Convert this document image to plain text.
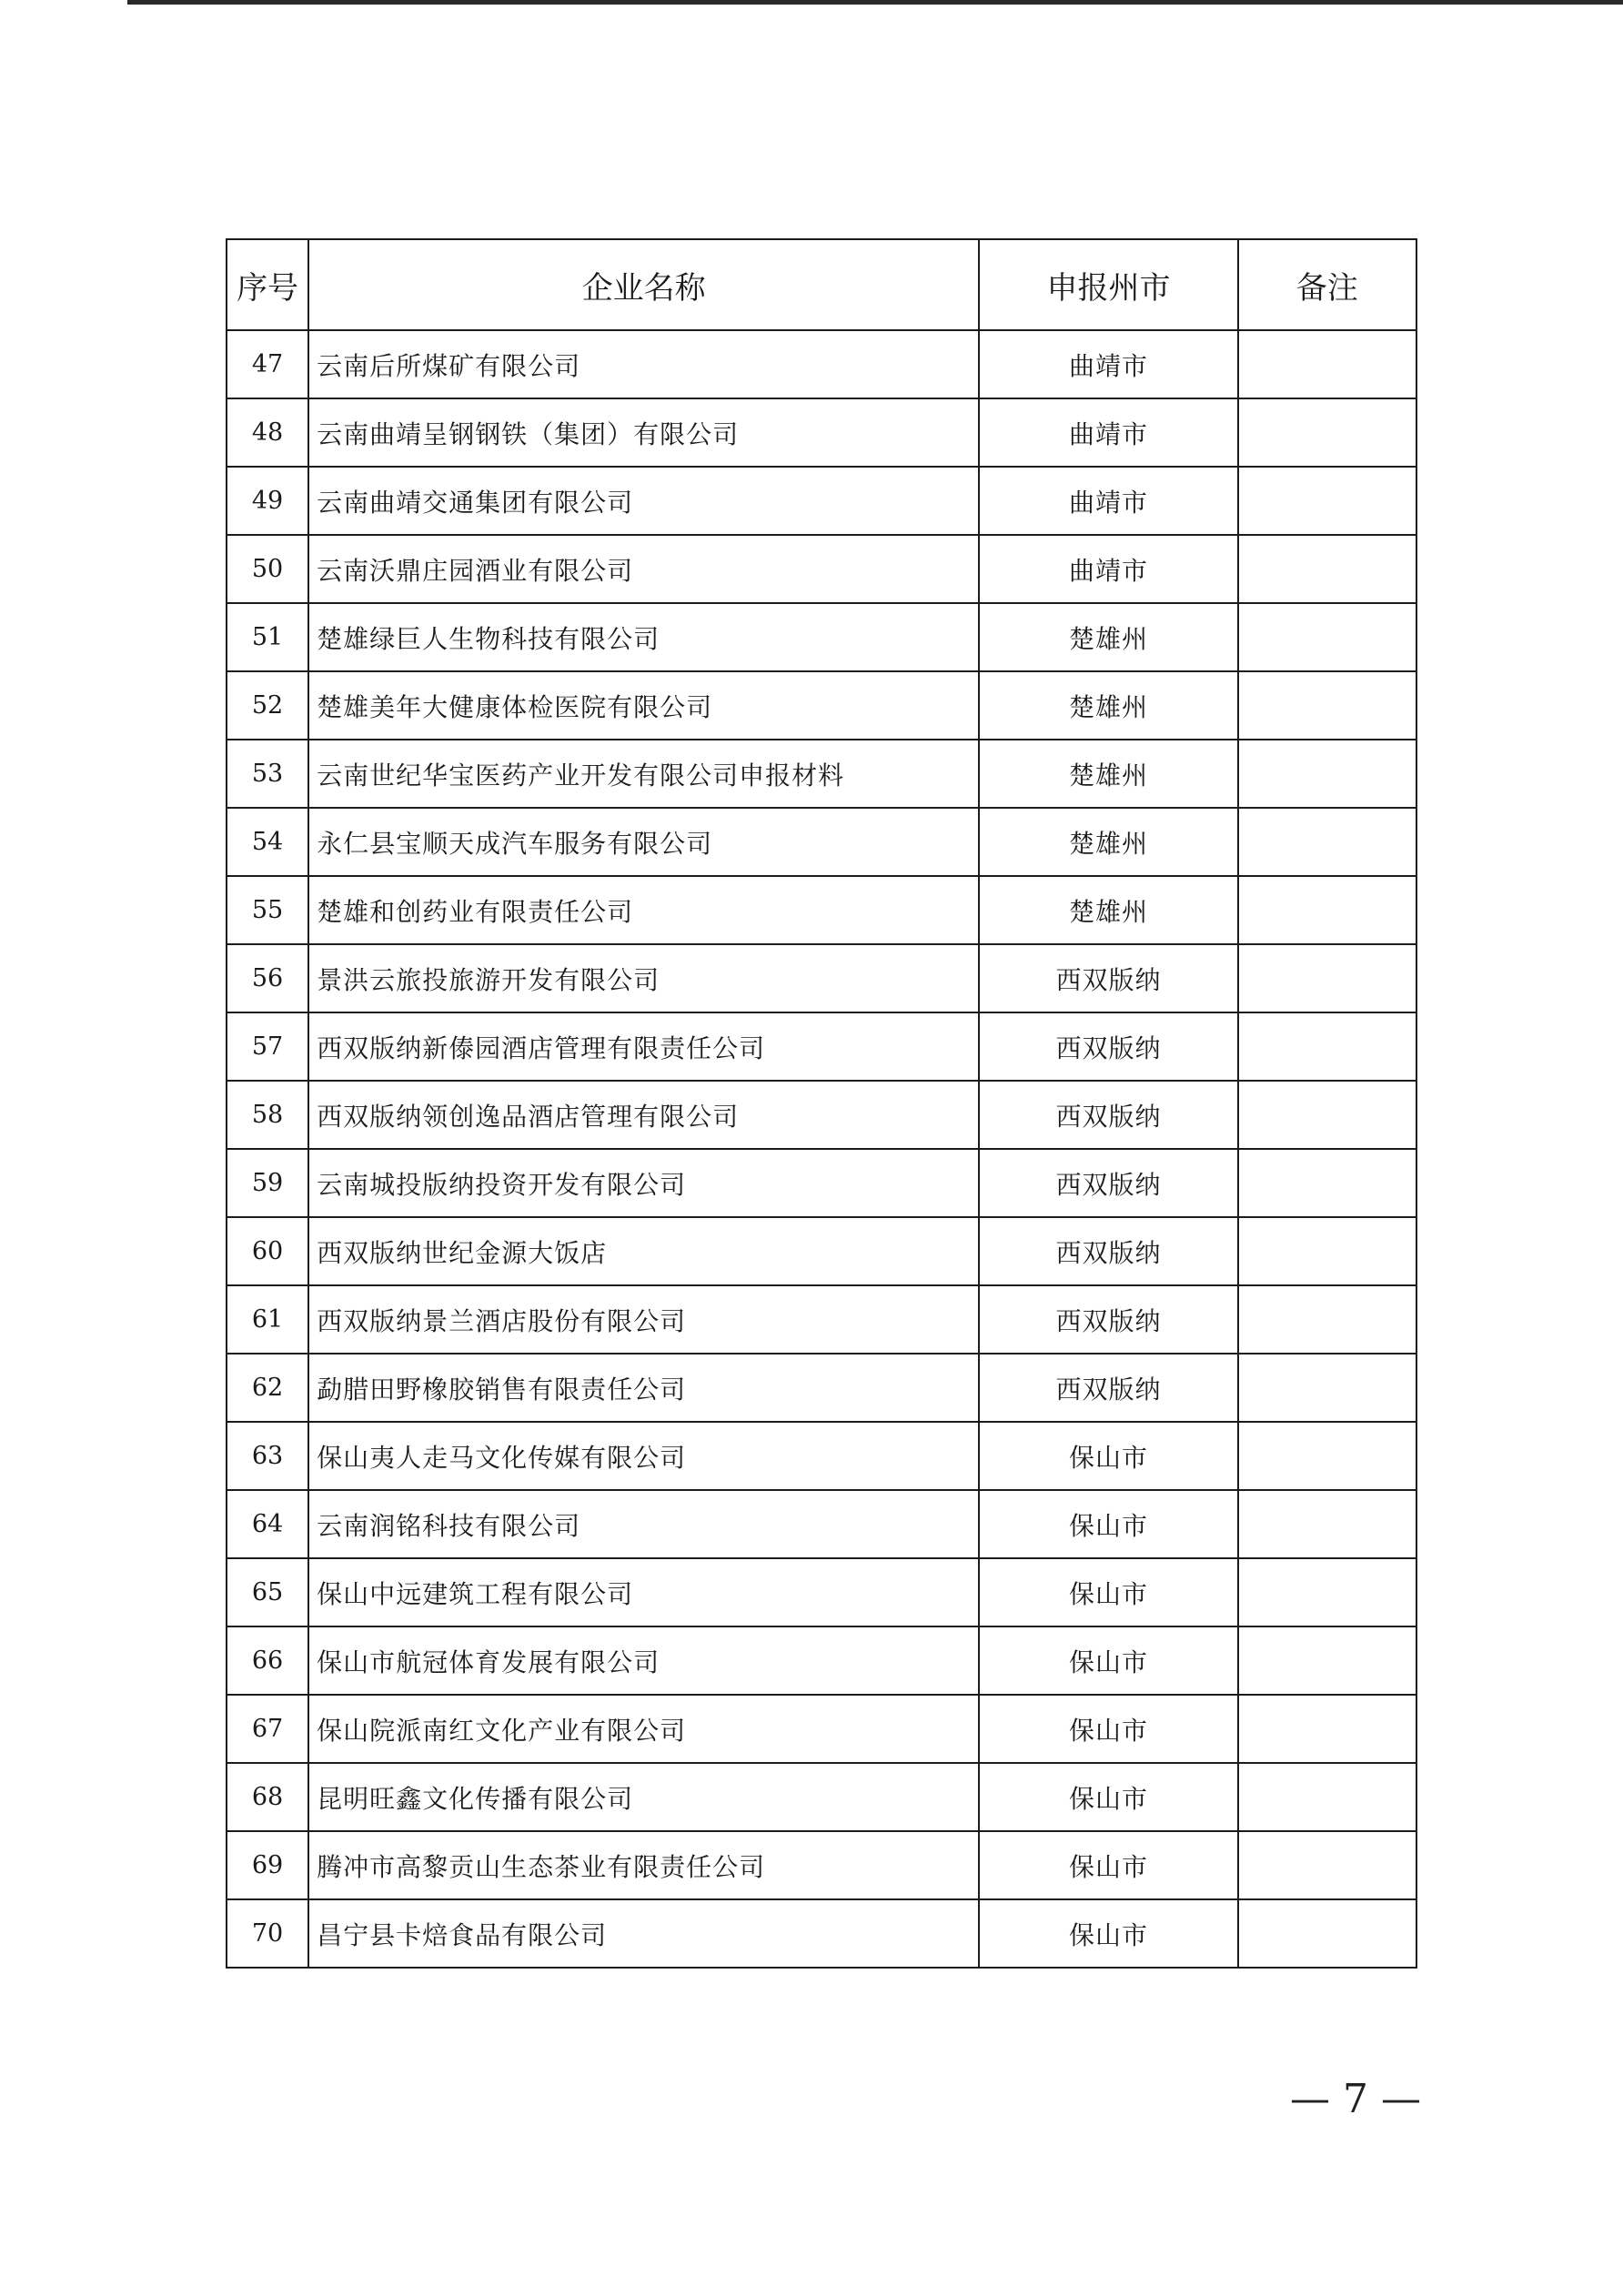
序号	企业名称	申报州市	备注
47	云南后所煤矿有限公司	曲靖市	
48	云南曲靖呈钢钢铁（集团）有限公司	曲靖市	
49	云南曲靖交通集团有限公司	曲靖市	
50	云南沃鼎庄园酒业有限公司	曲靖市	
51	楚雄绿巨人生物科技有限公司	楚雄州	
52	楚雄美年大健康体检医院有限公司	楚雄州	
53	云南世纪华宝医药产业开发有限公司申报材料	楚雄州	
54	永仁县宝顺天成汽车服务有限公司	楚雄州	
55	楚雄和创药业有限责任公司	楚雄州	
56	景洪云旅投旅游开发有限公司	西双版纳	
57	西双版纳新傣园酒店管理有限责任公司	西双版纳	
58	西双版纳领创逸品酒店管理有限公司	西双版纳	
59	云南城投版纳投资开发有限公司	西双版纳	
60	西双版纳世纪金源大饭店	西双版纳	
61	西双版纳景兰酒店股份有限公司	西双版纳	
62	勐腊田野橡胶销售有限责任公司	西双版纳	
63	保山夷人走马文化传媒有限公司	保山市	
64	云南润铭科技有限公司	保山市	
65	保山中远建筑工程有限公司	保山市	
66	保山市航冠体育发展有限公司	保山市	
67	保山院派南红文化产业有限公司	保山市	
68	昆明旺鑫文化传播有限公司	保山市	
69	腾冲市高黎贡山生态茶业有限责任公司	保山市	
70	昌宁县卡焙食品有限公司	保山市	
— 7 —
